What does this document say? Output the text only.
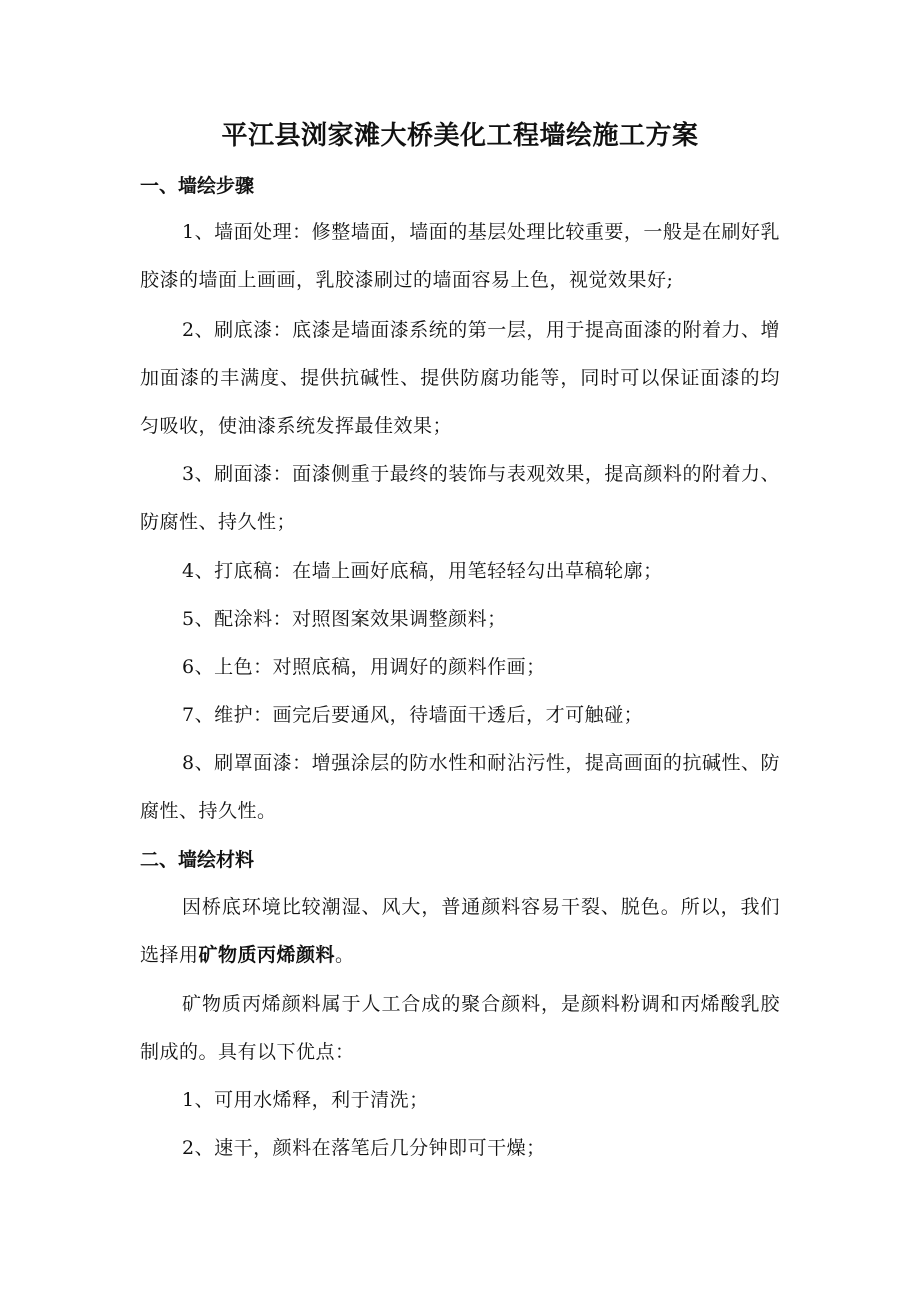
平江县浏家滩大桥美化工程墙绘施工方案
一、墙绘步骤

1、墙面处理：修整墙面，墙面的基层处理比较重要，一般是在刷好乳胶漆的墙面上画画，乳胶漆刷过的墙面容易上色，视觉效果好;

2、刷底漆：底漆是墙面漆系统的第一层，用于提高面漆的附着力、增加面漆的丰满度、提供抗碱性、提供防腐功能等，同时可以保证面漆的均匀吸收，使油漆系统发挥最佳效果；

3、刷面漆：面漆侧重于最终的装饰与表观效果，提高颜料的附着力、防腐性、持久性；

4、打底稿：在墙上画好底稿，用笔轻轻勾出草稿轮廓；

5、配涂料：对照图案效果调整颜料；

6、上色：对照底稿，用调好的颜料作画；

7、维护：画完后要通风，待墙面干透后，才可触碰；

8、刷罩面漆：增强涂层的防水性和耐沾污性，提高画面的抗碱性、防腐性、持久性。

二、墙绘材料

因桥底环境比较潮湿、风大，普通颜料容易干裂、脱色。所以，我们选择用矿物质丙烯颜料。

矿物质丙烯颜料属于人工合成的聚合颜料，是颜料粉调和丙烯酸乳胶制成的。具有以下优点：

1、可用水烯释，利于清洗；

2、速干，颜料在落笔后几分钟即可干燥；
